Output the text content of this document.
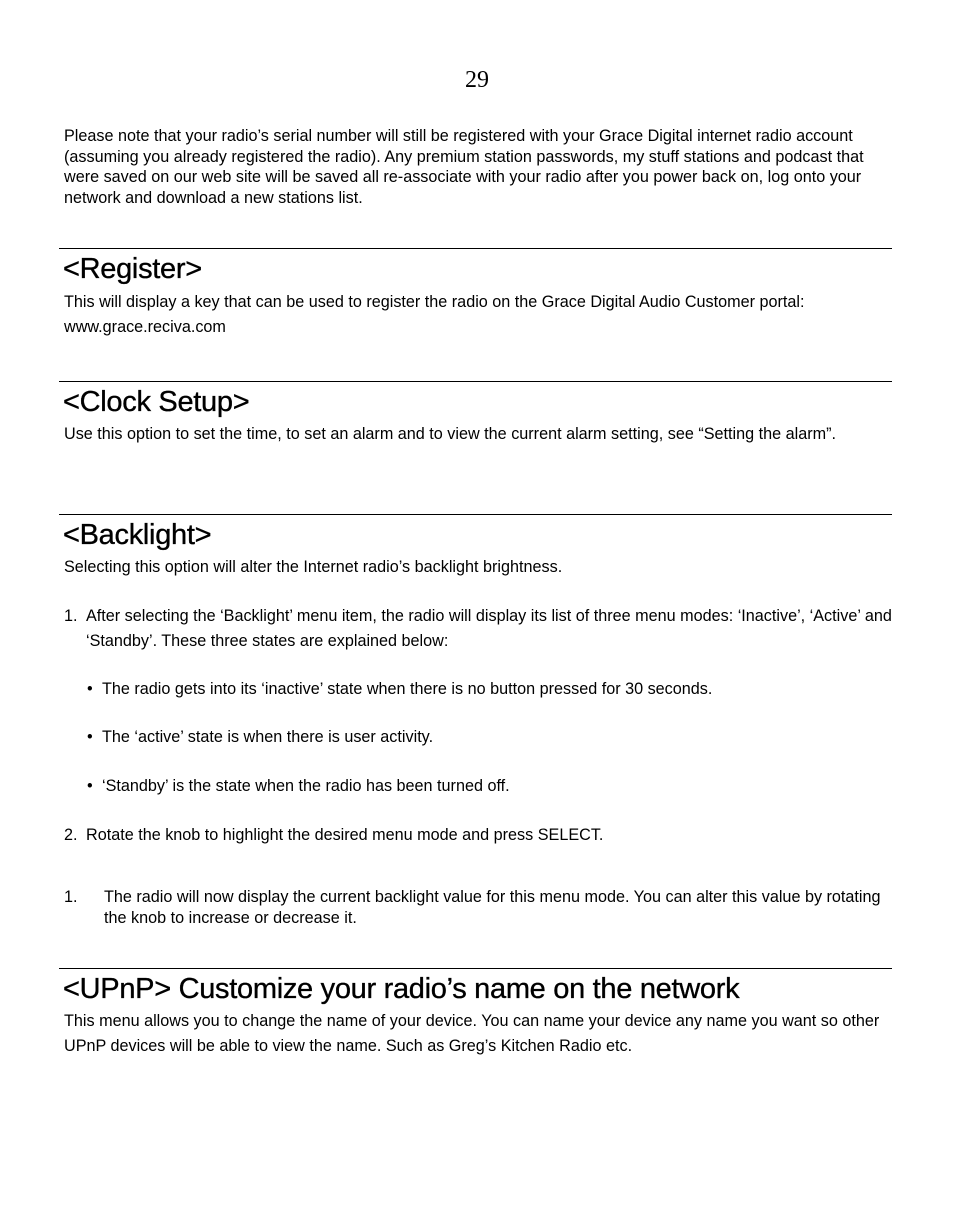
29

Please note that your radio’s serial number will still be registered with your Grace Digital internet radio account (assuming you already registered the radio). Any premium station passwords, my stuff stations and podcast that were saved on our web site will be saved all re-associate with your radio after you power back on, log onto your network and download a new stations list.

<Register>

This will display a key that can be used to register the radio on the Grace Digital Audio Customer portal: www.grace.reciva.com

<Clock Setup>

Use this option to set the time, to set an alarm and to view the current alarm setting, see “Setting the alarm”.

<Backlight>

Selecting this option will alter the Internet radio’s backlight brightness.

1. After selecting the ‘Backlight’ menu item, the radio will display its list of three menu modes: ‘Inactive’, ‘Active’ and ‘Standby’. These three states are explained below:
• The radio gets into its ‘inactive’ state when there is no button pressed for 30 seconds.
• The ‘active’ state is when there is user activity.
• ‘Standby’ is the state when the radio has been turned off.
2. Rotate the knob to highlight the desired menu mode and press SELECT.
1. The radio will now display the current backlight value for this menu mode. You can alter this value by rotating the knob to increase or decrease it.
<UPnP> Customize your radio’s name on the network

This menu allows you to change the name of your device. You can name your device any name you want so other UPnP devices will be able to view the name. Such as Greg’s Kitchen Radio etc.
